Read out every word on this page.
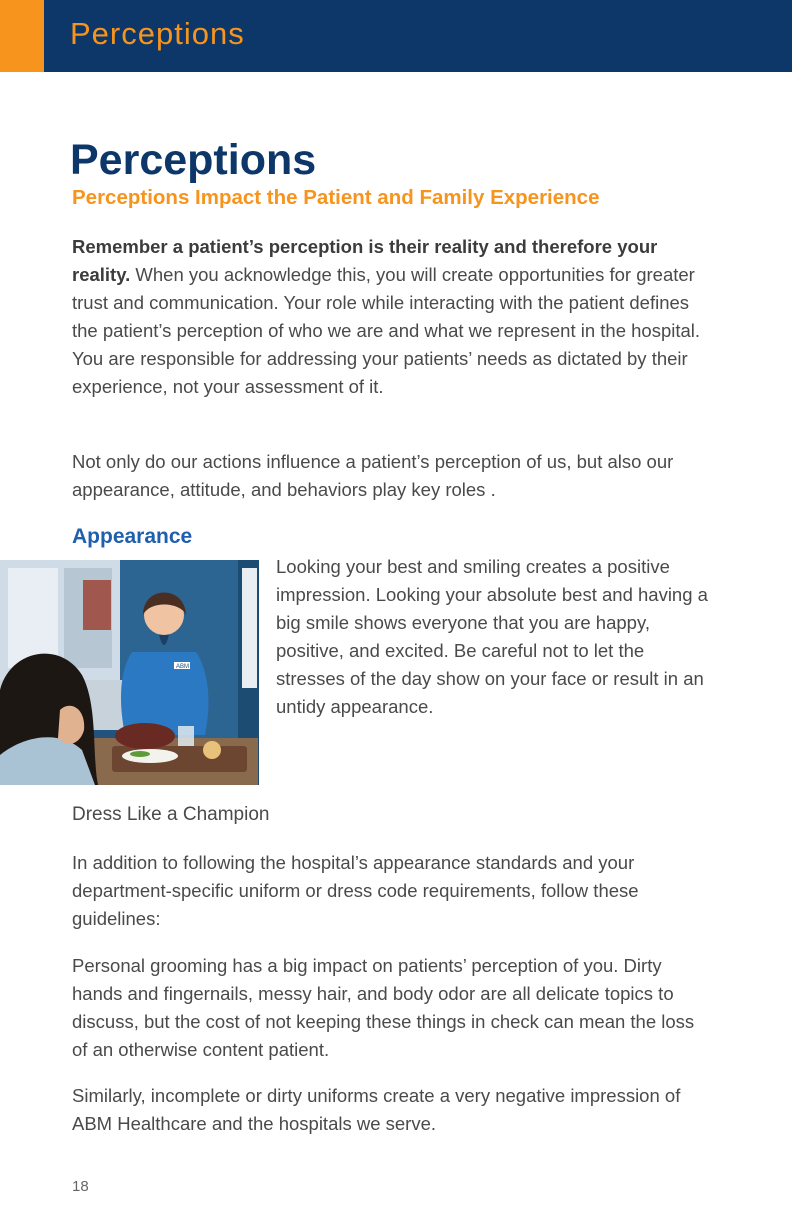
Perceptions
Perceptions
Perceptions Impact the Patient and Family Experience

Remember a patient’s perception is their reality and therefore your reality. When you acknowledge this, you will create opportunities for greater trust and communication. Your role while interacting with the patient defines the patient’s perception of who we are and what we represent in the hospital. You are responsible for addressing your patients’ needs as dictated by their experience, not your assessment of it.

Not only do our actions influence a patient’s perception of us, but also our appearance, attitude, and behaviors play key roles .

Appearance
ABM

Looking your best and smiling creates a positive impression. Looking your absolute best and having a big smile shows everyone that you are happy, positive, and excited. Be careful not to let the stresses of the day show on your face or result in an untidy appearance.

Dress Like a Champion

In addition to following the hospital’s appearance standards and your department-specific uniform or dress code requirements, follow these guidelines:

Personal grooming has a big impact on patients’ perception of you. Dirty hands and fingernails, messy hair, and body odor are all delicate topics to discuss, but the cost of not keeping these things in check can mean the loss of an otherwise content patient.

Similarly, incomplete or dirty uniforms create a very negative impression of ABM Healthcare and the hospitals we serve.

18
